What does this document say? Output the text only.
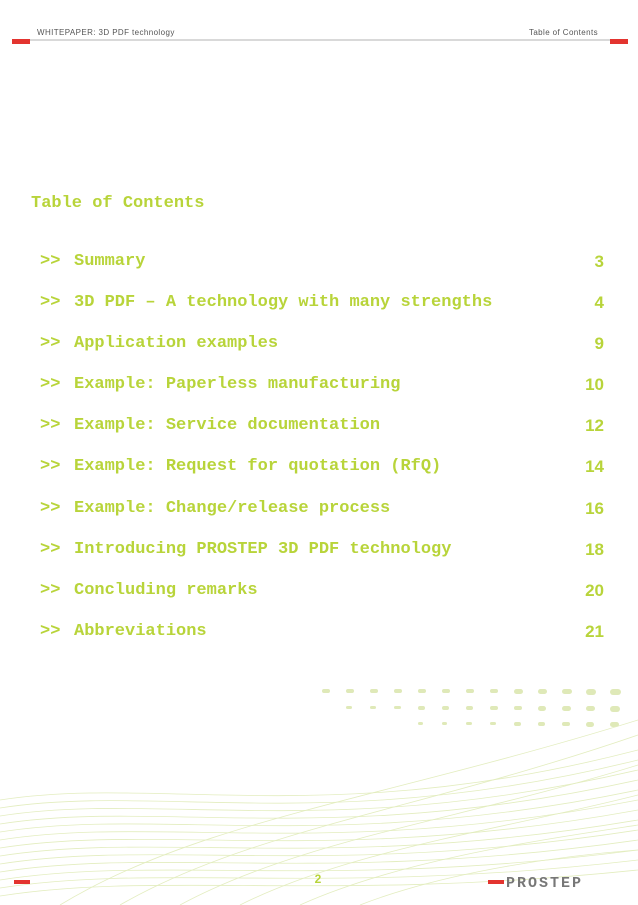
WHITEPAPER: 3D PDF technology	Table of Contents
Table of Contents
>> Summary	3
>> 3D PDF – A technology with many strengths	4
>> Application examples	9
>> Example: Paperless manufacturing	10
>> Example: Service documentation	12
>> Example: Request for quotation (RfQ)	14
>> Example: Change/release process	16
>> Introducing PROSTEP 3D PDF technology	18
>> Concluding remarks	20
>> Abbreviations	21
2	PROSTEP
